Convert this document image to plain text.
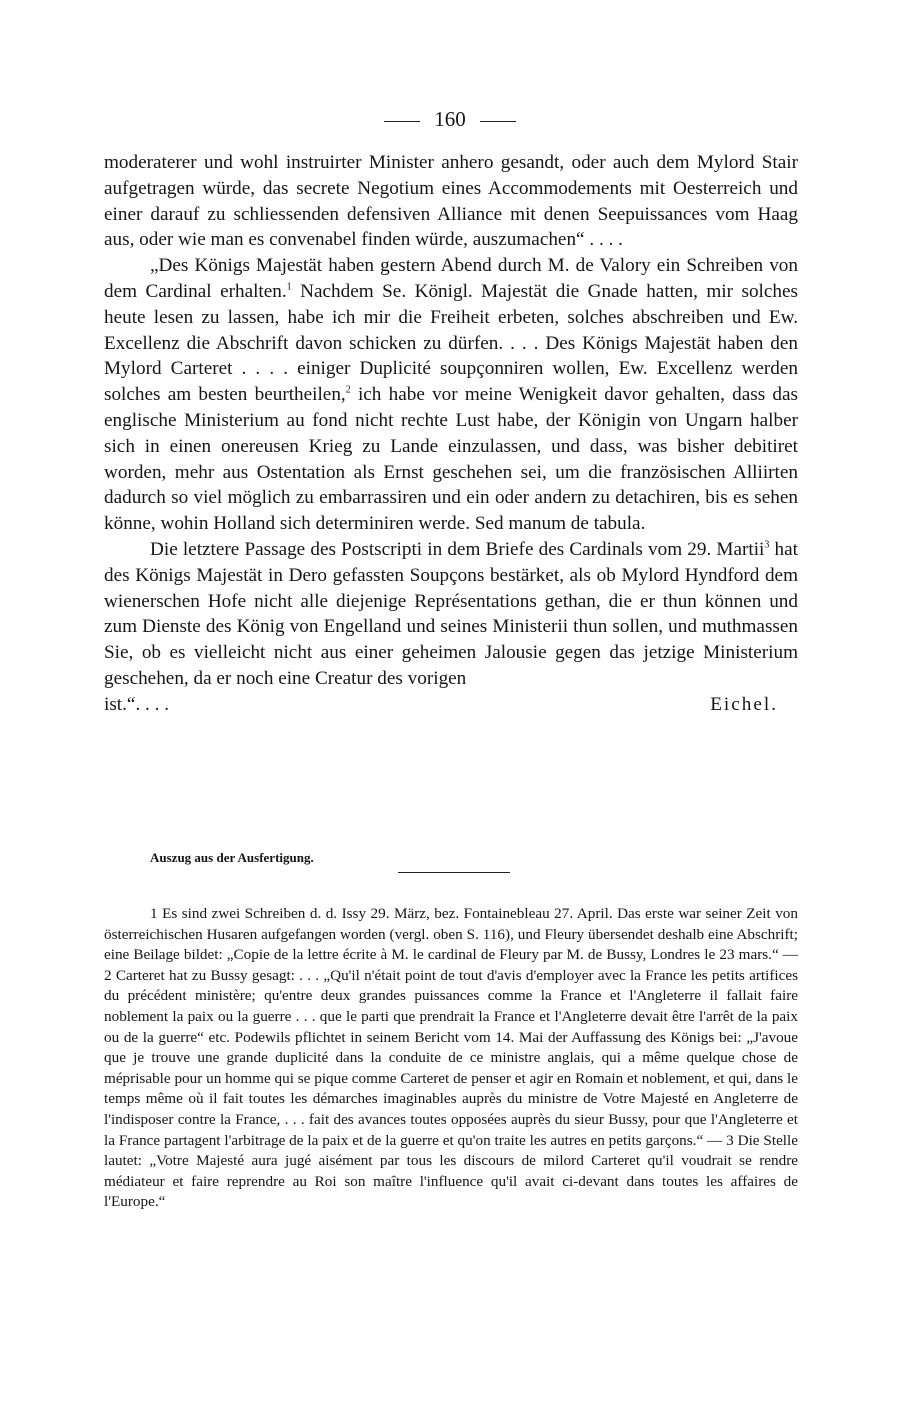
160

moderaterer und wohl instruirter Minister anhero gesandt, oder auch dem Mylord Stair aufgetragen würde, das secrete Negotium eines Accommodements mit Oesterreich und einer darauf zu schliessenden defensiven Alliance mit denen Seepuissances vom Haag aus, oder wie man es convenabel finden würde, auszumachen“ . . . .

„Des Königs Majestät haben gestern Abend durch M. de Valory ein Schreiben von dem Cardinal erhalten.$^1$ Nachdem Se. Königl. Majestät die Gnade hatten, mir solches heute lesen zu lassen, habe ich mir die Freiheit erbeten, solches abschreiben und Ew. Excellenz die Abschrift davon schicken zu dürfen. . . . Des Königs Majestät haben den Mylord Carteret . . . . einiger Duplicité soupçonniren wollen, Ew. Excellenz werden solches am besten beurtheilen,$^2$ ich habe vor meine Wenigkeit davor gehalten, dass das englische Ministerium au fond nicht rechte Lust habe, der Königin von Ungarn halber sich in einen onereusen Krieg zu Lande einzulassen, und dass, was bisher debitiret worden, mehr aus Ostentation als Ernst geschehen sei, um die französischen Alliirten dadurch so viel möglich zu embarrassiren und ein oder andern zu detachiren, bis es sehen könne, wohin Holland sich determiniren werde. Sed manum de tabula.

Die letztere Passage des Postscripti in dem Briefe des Cardinals vom 29. Martii$^3$ hat des Königs Majestät in Dero gefassten Soupçons bestärket, als ob Mylord Hyndford dem wienerschen Hofe nicht alle diejenige Représentations gethan, die er thun können und zum Dienste des König von Engelland und seines Ministerii thun sollen, und muthmassen Sie, ob es vielleicht nicht aus einer geheimen Jalousie gegen das jetzige Ministerium geschehen, da er noch eine Creatur des vorigen

ist.“. . . .	Eichel.
Auszug aus der Ausfertigung.

1 Es sind zwei Schreiben d. d. Issy 29. März, bez. Fontainebleau 27. April. Das erste war seiner Zeit von österreichischen Husaren aufgefangen worden (vergl. oben S. 116), und Fleury übersendet deshalb eine Abschrift; eine Beilage bildet: „Copie de la lettre écrite à M. le cardinal de Fleury par M. de Bussy, Londres le 23 mars.“ — 2 Carteret hat zu Bussy gesagt: . . . „Qu'il n'était point de tout d'avis d'employer avec la France les petits artifices du précédent ministère; qu'entre deux grandes puissances comme la France et l'Angleterre il fallait faire noblement la paix ou la guerre . . . que le parti que prendrait la France et l'Angleterre devait être l'arrêt de la paix ou de la guerre“ etc. Podewils pflichtet in seinem Bericht vom 14. Mai der Auffassung des Königs bei: „J'avoue que je trouve une grande duplicité dans la conduite de ce ministre anglais, qui a même quelque chose de méprisable pour un homme qui se pique comme Carteret de penser et agir en Romain et noblement, et qui, dans le temps même où il fait toutes les démarches imaginables auprès du ministre de Votre Majesté en Angleterre de l'indisposer contre la France, . . . fait des avances toutes opposées auprès du sieur Bussy, pour que l'Angleterre et la France partagent l'arbitrage de la paix et de la guerre et qu'on traite les autres en petits garçons.“ — 3 Die Stelle lautet: „Votre Majesté aura jugé aisément par tous les discours de milord Carteret qu'il voudrait se rendre médiateur et faire reprendre au Roi son maître l'influence qu'il avait ci-devant dans toutes les affaires de l'Europe.“
